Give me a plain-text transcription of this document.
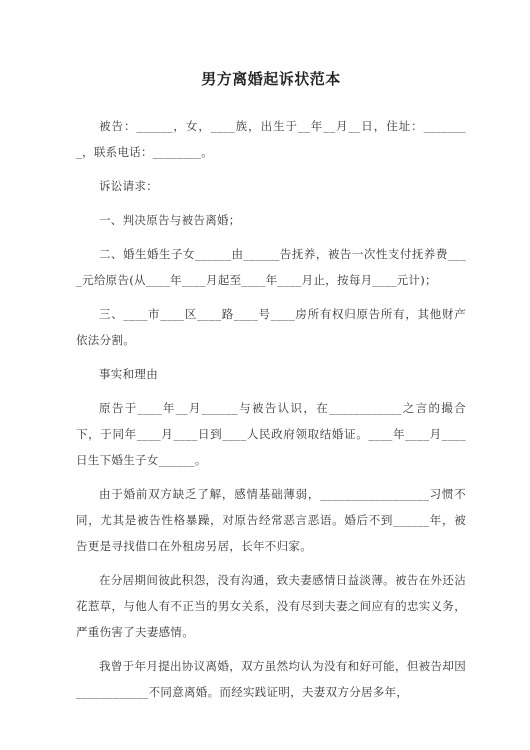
男方离婚起诉状范本

被告：______，女，____族，出生于__年__月__日，住址：________，联系电话：________。

诉讼请求：

一、判决原告与被告离婚；

二、婚生婚生子女______由______告抚养，被告一次性支付抚养费____元给原告(从____年____月起至____年____月止，按每月____元计)；

三、____市____区____路____号____房所有权归原告所有，其他财产依法分割。

事实和理由

原告于____年__月______与被告认识，在____________之言的撮合下，于同年____月____日到____人民政府领取结婚证。____年____月____日生下婚生子女______。

由于婚前双方缺乏了解，感情基础薄弱，__________________习惯不同，尤其是被告性格暴躁，对原告经常恶言恶语。婚后不到______年，被告更是寻找借口在外租房另居，长年不归家。

在分居期间彼此积怨，没有沟通，致夫妻感情日益淡薄。被告在外还沾花惹草，与他人有不正当的男女关系，没有尽到夫妻之间应有的忠实义务，严重伤害了夫妻感情。

我曾于年月提出协议离婚，双方虽然均认为没有和好可能，但被告却因____________不同意离婚。而经实践证明，夫妻双方分居多年，
